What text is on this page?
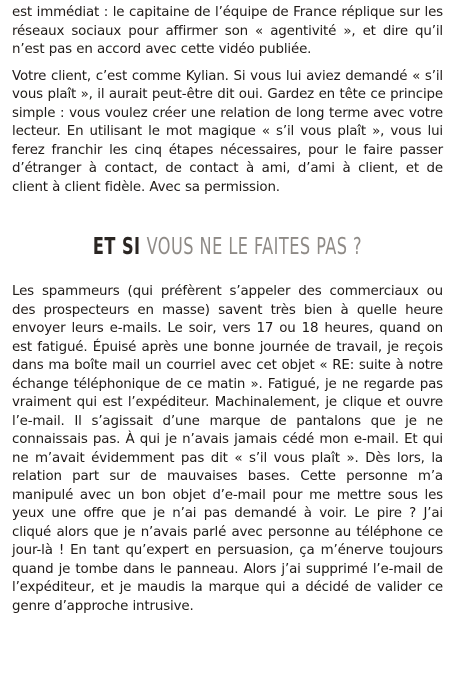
est immédiat : le capitaine de l’équipe de France réplique sur les réseaux sociaux pour affirmer son « agentivité », et dire qu’il n’est pas en accord avec cette vidéo publiée.

Votre client, c’est comme Kylian. Si vous lui aviez demandé « s’il vous plaît », il aurait peut-être dit oui. Gardez en tête ce principe simple : vous voulez créer une relation de long terme avec votre lecteur. En utilisant le mot magique « s’il vous plaît », vous lui ferez franchir les cinq étapes nécessaires, pour le faire passer d’étranger à contact, de contact à ami, d’ami à client, et de client à client fidèle. Avec sa permission.

ET SI VOUS NE LE FAITES PAS ?

Les spammeurs (qui préfèrent s’appeler des commerciaux ou des prospecteurs en masse) savent très bien à quelle heure envoyer leurs e-mails. Le soir, vers 17 ou 18 heures, quand on est fatigué. Épuisé après une bonne journée de travail, je reçois dans ma boîte mail un courriel avec cet objet « RE: suite à notre échange téléphonique de ce matin ». Fatigué, je ne regarde pas vraiment qui est l’expéditeur. Machinalement, je clique et ouvre l’e-mail. Il s’agissait d’une marque de pantalons que je ne connaissais pas. À qui je n’avais jamais cédé mon e-mail. Et qui ne m’avait évidemment pas dit « s’il vous plaît ». Dès lors, la relation part sur de mauvaises bases. Cette personne m’a manipulé avec un bon objet d’e-mail pour me mettre sous les yeux une offre que je n’ai pas demandé à voir. Le pire ? J’ai cliqué alors que je n’avais parlé avec personne au téléphone ce jour-là ! En tant qu’expert en persuasion, ça m’énerve toujours quand je tombe dans le panneau. Alors j’ai supprimé l’e-mail de l’expéditeur, et je maudis la marque qui a décidé de valider ce genre d’approche intrusive.
